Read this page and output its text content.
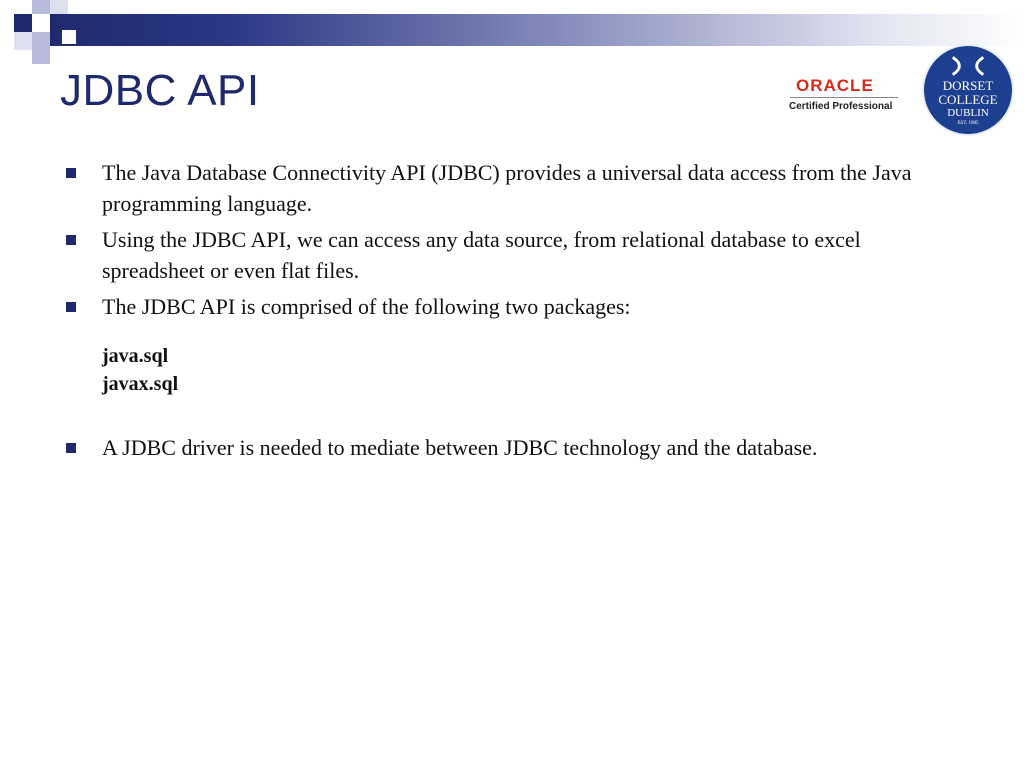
JDBC API	ORACLE
Certified Professional
DORSET
COLLEGE
DUBLIN
EST. 1985
The Java Database Connectivity API (JDBC) provides a universal data access from the Java programming language.
Using the JDBC API, we can access any data source, from relational database to excel spreadsheet or even flat files.
The JDBC API is comprised of the following two packages:
java.sql
javax.sql
A JDBC driver is needed to mediate between JDBC technology and the database.
